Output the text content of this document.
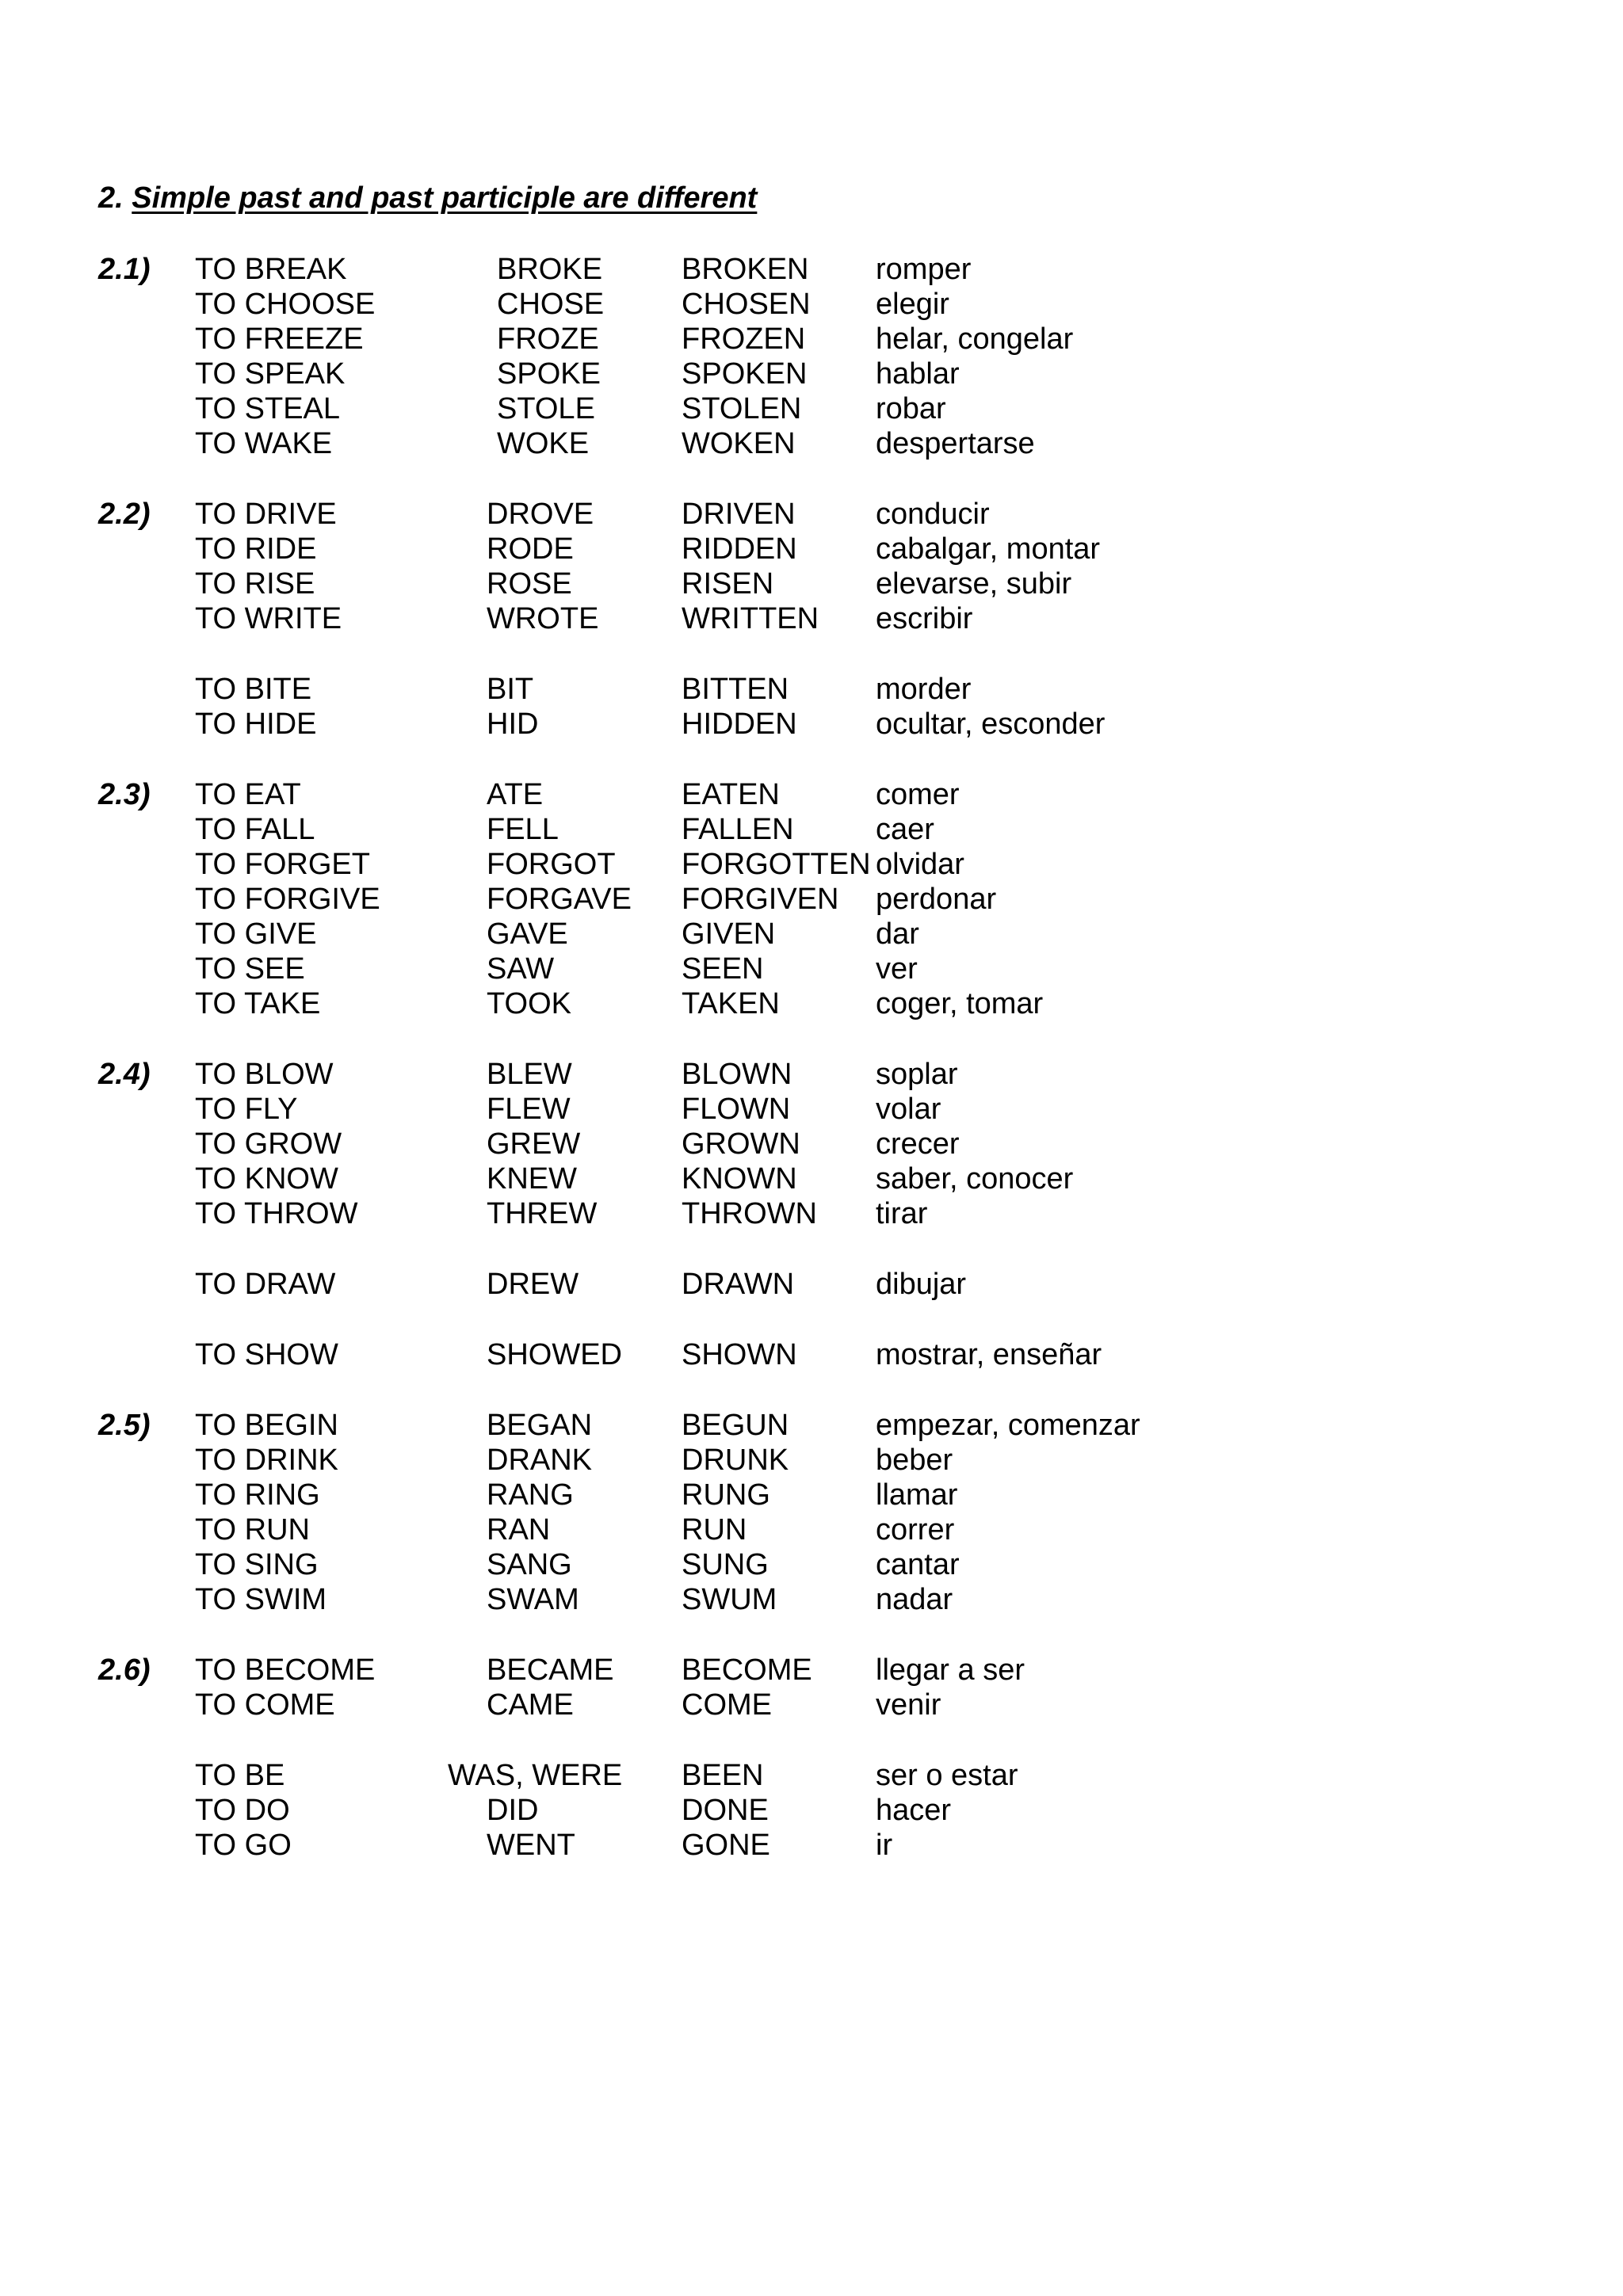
2. Simple past and past participle are different
2.1) TO BREAK	BROKE	BROKEN romper
TO CHOOSE	CHOSE	CHOSEN elegir
TO FREEZE	FROZE	FROZEN helar, congelar
TO SPEAK	SPOKE	SPOKEN hablar
TO STEAL	STOLE	STOLEN robar
TO WAKE	WOKE	WOKEN	despertarse
2.2) TO DRIVE	DROVE	DRIVEN	conducir
TO RIDE	RODE	RIDDEN	cabalgar, montar
TO RISE	ROSE	RISEN	elevarse, subir
TO WRITE	WROTE	WRITTEN escribir
TO BITE	BIT	BITTEN	morder
TO HIDE	HID	HIDDEN	ocultar, esconder
2.3) TO EAT	ATE	EATEN	comer
TO FALL	FELL	FALLEN	caer
TO FORGET	FORGOT FORGOTTEN olvidar
TO FORGIVE	FORGAVE FORGIVEN perdonar
TO GIVE	GAVE	GIVEN	dar
TO SEE	SAW	SEEN	ver
TO TAKE	TOOK	TAKEN	coger, tomar
2.4) TO BLOW	BLEW	BLOWN	soplar
TO FLY	FLEW	FLOWN	volar
TO GROW	GREW	GROWN	crecer
TO KNOW	KNEW	KNOWN	saber, conocer
TO THROW	THREW	THROWN tirar
TO DRAW	DREW	DRAWN	dibujar
TO SHOW	SHOWED SHOWN	mostrar, enseñar
2.5) TO BEGIN	BEGAN	BEGUN	empezar, comenzar
TO DRINK	DRANK	DRUNK	beber
TO RING	RANG	RUNG	llamar
TO RUN	RAN	RUN	correr
TO SING	SANG	SUNG	cantar
TO SWIM	SWAM	SWUM	nadar
2.6) TO BECOME	BECAME BECOME llegar a ser
TO COME	CAME	COME	venir
TO BE	WAS, WERE BEEN	ser o estar
TO DO	DID	DONE	hacer
TO GO	WENT	GONE	ir
